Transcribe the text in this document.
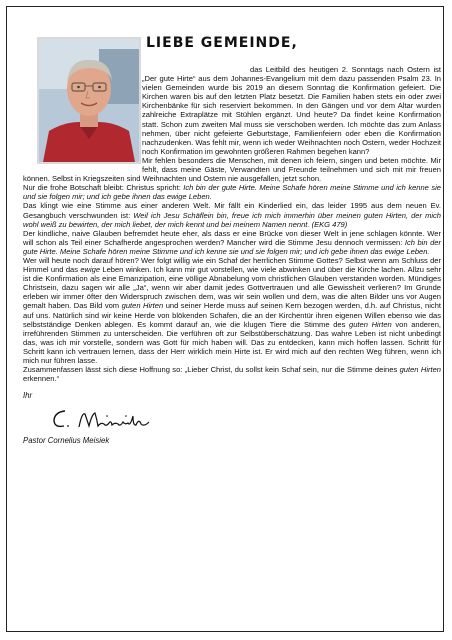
LIEBE GEMEINDE,

das Leitbild des heutigen 2. Sonntags nach Ostern ist „Der gute Hirte“ aus dem Johannes-Evangelium mit dem dazu passenden Psalm 23. In vielen Gemeinden wurde bis 2019 an diesem Sonntag die Konfirmation gefeiert. Die Kirchen waren bis auf den letzten Platz besetzt. Die Familien haben stets ein oder zwei Kirchenbänke für sich reserviert bekommen. In den Gängen und vor dem Altar wurden zahlreiche Extraplätze mit Stühlen ergänzt. Und heute? Da findet keine Konfirmation statt. Schon zum zweiten Mal muss sie verschoben werden. Ich möchte das zum Anlass nehmen, über nicht gefeierte Geburtstage, Familienfeiern oder eben die Konfirmation nachzudenken. Was fehlt mir, wenn ich weder Weihnachten noch Ostern, weder Hochzeit noch Konfirmation im gewohnten größeren Rahmen begehen kann?

Mir fehlen besonders die Menschen, mit denen ich feiern, singen und beten möchte. Mir fehlt, dass meine Gäste, Verwandten und Freunde teilnehmen und sich mit mir freuen können. Selbst in Kriegszeiten sind Weihnachten und Ostern nie ausgefallen, jetzt schon.

Nur die frohe Botschaft bleibt: Christus spricht: Ich bin der gute Hirte. Meine Schafe hören meine Stimme und ich kenne sie und sie folgen mir; und ich gebe ihnen das ewige Leben.

Das klingt wie eine Stimme aus einer anderen Welt. Mir fällt ein Kinderlied ein, das leider 1995 aus dem neuen Ev. Gesangbuch verschwunden ist: Weil ich Jesu Schäflein bin, freue ich mich immerhin über meinen guten Hirten, der mich wohl weiß zu bewirten, der mich liebet, der mich kennt und bei meinem Namen nennt. (EKG 479)

Der kindliche, naive Glauben befremdet heute eher, als dass er eine Brücke von dieser Welt in jene schlagen könnte. Wer will schon als Teil einer Schafherde angesprochen werden? Mancher wird die Stimme Jesu dennoch vermissen: Ich bin der gute Hirte. Meine Schafe hören meine Stimme und ich kenne sie und sie folgen mir; und ich gebe ihnen das ewige Leben.

Wer will heute noch darauf hören? Wer folgt willig wie ein Schaf der herrlichen Stimme Gottes? Selbst wenn am Schluss der Himmel und das ewige Leben winken. Ich kann mir gut vorstellen, wie viele abwinken und über die Kirche lachen. Allzu sehr ist die Konfirmation als eine Emanzipation, eine völlige Abnabelung vom christlichen Glauben verstanden worden. Mündiges Christsein, dazu sagen wir alle „Ja“, wenn wir aber damit jedes Gottvertrauen und alle Gewissheit verlieren? Im Grunde erleben wir immer öfter den Widerspruch zwischen dem, was wir sein wollen und dem, was die alten Bilder uns vor Augen gemalt haben. Das Bild vom guten Hirten und seiner Herde muss auf seinen Kern bezogen werden, d.h. auf Christus, nicht auf uns. Natürlich sind wir keine Herde von blökenden Schafen, die an der Kirchentür ihren eigenen Willen ebenso wie das selbstständige Denken ablegen. Es kommt darauf an, wie die klugen Tiere die Stimme des guten Hirten von anderen, irreführenden Stimmen zu unterscheiden. Die verführen oft zur Selbstüberschätzung. Das wahre Leben ist nicht unbedingt das, was ich mir vorstelle, sondern was Gott für mich haben will. Das zu entdecken, kann mich hoffen lassen. Schritt für Schritt kann ich vertrauen lernen, dass der Herr wirklich mein Hirte ist. Er wird mich auf den rechten Weg führen, wenn ich mich nur führen lasse.

Zusammenfassen lässt sich diese Hoffnung so: „Lieber Christ, du sollst kein Schaf sein, nur die Stimme deines guten Hirten erkennen.“

Ihr
Pastor Cornelius Meisiek
